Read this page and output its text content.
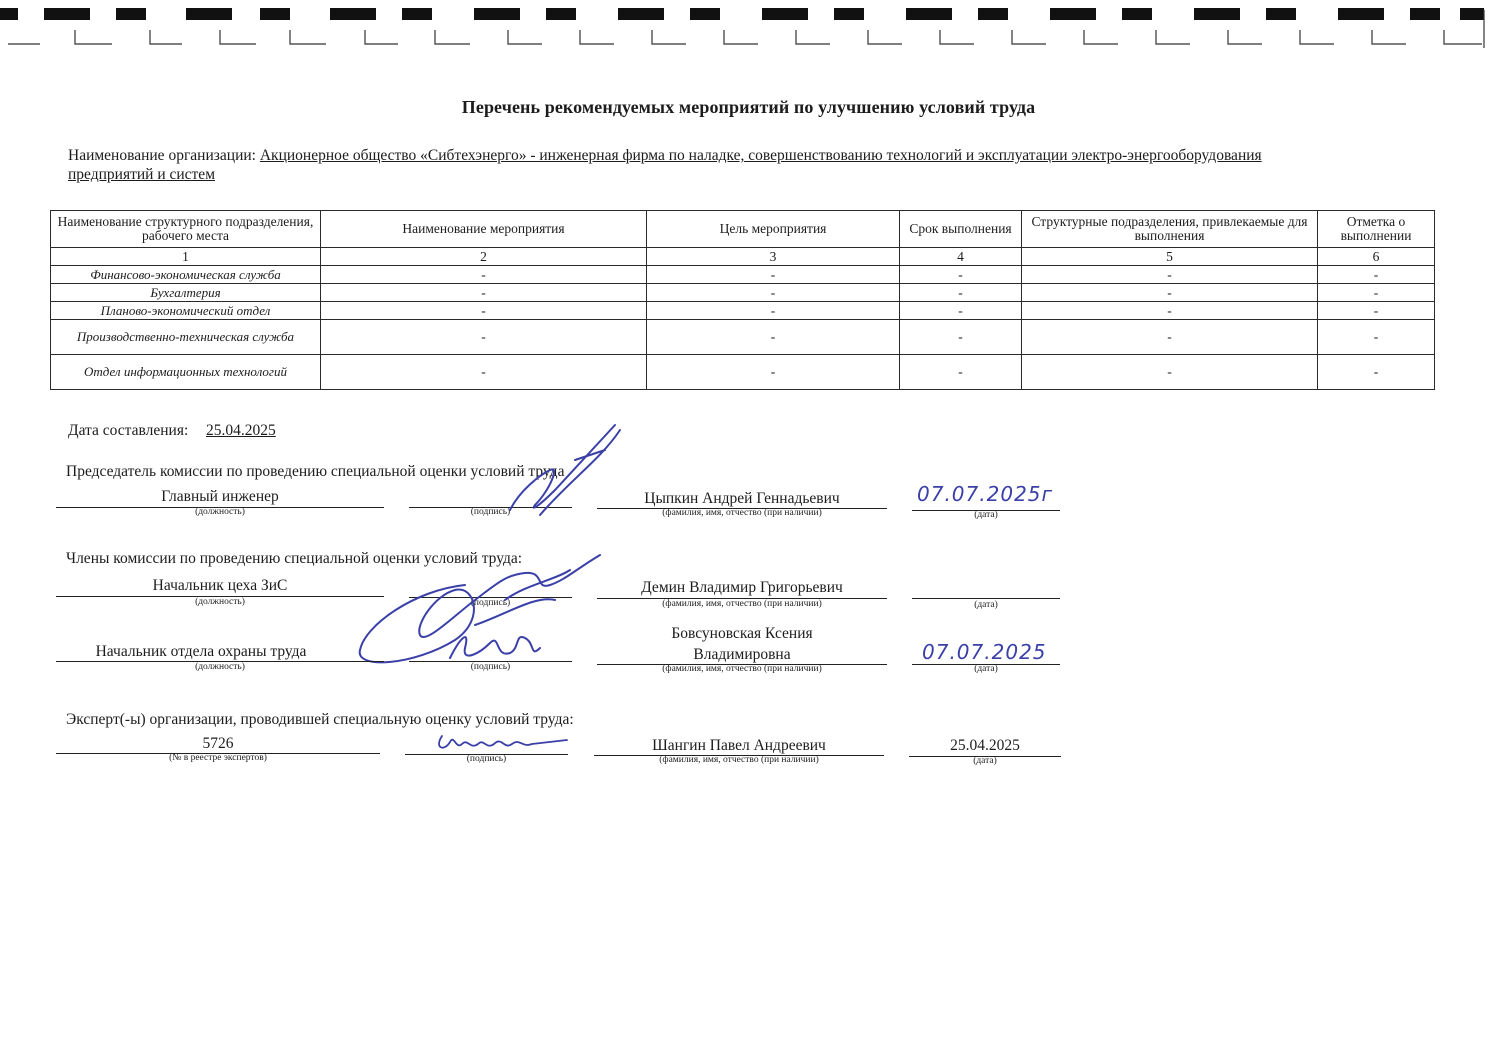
Перечень рекомендуемых мероприятий по улучшению условий труда
Наименование организации: Акционерное общество «Сибтехэнерго» - инженерная фирма по наладке, совершенствованию технологий и эксплуатации электро-энергооборудования предприятий и систем
Наименование структурного подразделения, рабочего места	Наименование мероприятия	Цель мероприятия	Срок выполнения	Структурные подразделения, привлекаемые для выполнения	Отметка о выполнении
1	2	3	4	5	6
Финансово-экономическая служба	-	-	-	-	-
Бухгалтерия	-	-	-	-	-
Планово-экономический отдел	-	-	-	-	-
Производственно-техническая служба	-	-	-	-	-
Отдел информационных технологий	-	-	-	-	-
Дата составления: 25.04.2025
Председатель комиссии по проведению специальной оценки условий труда
Главный инженер
(должность)	(подпись)
Цыпкин Андрей Геннадьевич
(фамилия, имя, отчество (при наличии)
07.07.2025г
(дата)
Члены комиссии по проведению специальной оценки условий труда:
Начальник цеха ЗиС
(должность)	(подпись)
Демин Владимир Григорьевич
(фамилия, имя, отчество (при наличии)	(дата)
Начальник отдела охраны труда
(должность)	(подпись)
Бовсуновская Ксения
Владимировна
(фамилия, имя, отчество (при наличии)
07.07.2025
(дата)
Эксперт(-ы) организации, проводившей специальную оценку условий труда:
5726
(№ в реестре экспертов)	(подпись)
Шангин Павел Андреевич
(фамилия, имя, отчество (при наличии)
25.04.2025
(дата)
